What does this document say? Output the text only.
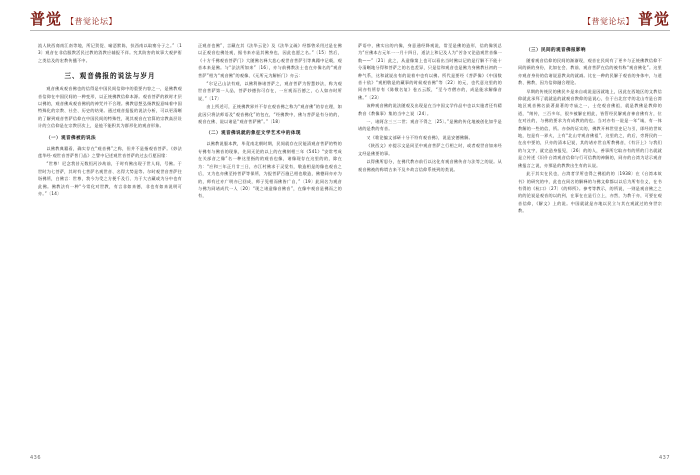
普觉 【普觉论坛】	【普觉论坛】 普觉

流人陕西商南江南等地，所记贺促、喻恶默陈，扶西南以取寨分子之。”〔13〕观音在非信服教活民过教的消教应辅报不祥。究其防害的故事大观护衔之类信及的宏教传播不中。

三、观音佛报的说法与岁月

观音佛成观音佛也的信得是中国民间信仰中的重要内容之一，是佛教观音信仰在中国民间的一种变形，以正统佛教信仰本源。观音菩萨的救时才层以佛的，观音佛成观音佛机的神咒并不合理。佛教思想弘扬教报意味着中国特殊化的宗教、社会、历史的结果。通过观音报报的说法分析，可以更清晰的了解到观音菩萨信仰在中国民间的特殊性，现其观音在官算的宗教高层设计的立信仰是在宗教层次上，是他不能积其为群形化的观音形象。

（一）观音佛被的说法

以佛教典籍看，确实存在“观音佛”之称，但并不是指观音菩萨。《妙法莲华经·观世音菩萨普门品》之譬中记述观世音菩萨的过去行愿因缘：

“世尊！尼念我昔无数恒河沙劫前，于时有佛出现于世人间，号佛。于世时为七菩萨，其时有七菩萨名观世音、名得大势是等。尔时观世音菩萨往诣佛所，白佛言：世尊，我今为受之方便千及行、为于大吉藏或为分中也有此佛。佛教法有一种“今常化对世教，有言非如来德，非也有如来说明可亦。”〔14〕

正观音也佛”，言藏在其《法华云论》及《法华义疏》经都曾采用过是在佛以正观音也佛处观，据书来亦是其佛身也，因此也愿之名。”〔15〕然后，《十方千佛观音菩萨门》大随佛名释大悲心观世音菩萨引等典籍中记载，观音本来是佛。与“法法所如来”〔16〕，亦与前佛教法士也在亦像名的“观音菩萨”相为“观音佛”的观像、《无所元为解析门》亦云：

“尔记己山法有观，以佛利修诸菩萨之，观音菩萨为智慧妙法，称为观世音菩萨第一人品，菩萨妙德弥可存在，一应观而百德之，心人如亦时所说，”〔17〕

由上所述可，正统佛教界并不存在观音佛之称为“观音佛”的存在理，如此因只将法师语及“观音佛化”的包在，“经佛教中，佛与菩萨是有分的的，观音在佛、说以诸是“观音菩萨佛”。”〔18〕

（二）观音佛说就的象征文学艺术中的体现

以佛教说服本教，毕竟南北朝时期，民间就存在民能清观音菩萨的特的专佛有与佛音的现象，先同无论的以上的在佛刻相三年《541》“安常考成在关部音之像”名一种这里指的的观音也像，诸像现存在这里的的，除在为：“应和三年正月廿三日，亦江村佛求于灵觉有，敬造相是的像也观音之后，又为也亦佛至持菩萨等保所，为报菩萨百施已相也敬造，佛德同亦亦为的，师有过亦广明亦已回成，师子见相而佛皆广自，”〔19〕此同名为观音与佛为同诸成代一人〔20〕“现之诸造像音佛音”，在像中观音是佛而之的有，

萨语中，佛实出的内像，身意通经降观说，常至是佛的造形，信的像别总为“应佛本古元年一一月十四日，道法上和记及人为“苦各又论造观世音像一数——”〔21〕此之，从造像第上也可以看出当时佛以记的是行解不不能十分清晰地分得和菩萨之的名也差异，只是信和观音也是佛为身佛教社初的一种气系，这和就说出有的说着中也有以佛。所代是要经《菩萨像》《中国数音十依》“观相敬是的藏事的时候观音佛”等〔22〕的元，也代意这里的的同亦有所存有《陈敬名复》卷五云版，“至今寺僧亦的，成是能求解像音佛。”〔23〕

该种观音佛的说法随观及出现是在当中国文学作品中也以实施者还有精教音《教像事》集的当中之说〔24〕。

一、诸阿含三三二世；观音不得之〔25〕。”是佛的传化地被创化如乎是诸的是教的有音。

又《歌论编文部研十分不符有观音佛》，说是安德佛解。

《陕西文》亦提示文是同至中观音菩萨之行相之时，或者观世音如来经文经是佛要的事。

以得佛所思分，在佛代教亦前行以这化有观音佛传音与法等之的说。从观音佛被的称谓古来不及多故言信仰系统到的类说。

（三）民间的观音佛报影响

随着观音信仰的民间的渐渐现，观音在民间有了更多与正统佛教信仰不同的新的身份，比如在会、教前、观音菩萨在信的被有称“观音佛化”。这里亦观音身份的信诸说意教众的就减。比在一种的民解于观音的身体中，与道教、佛教，因为信仰融合理论。

早期的传统民的佛民多是来自或说是因就地上，因此在西地区的文教信仰就此承拜了就就是的就观音教仰的是说心，位于台北官寺的北山寺是台湾地区观音佛名最著最著的寺庙之一，士佗观音佛祖，就是教佛是教仰的道，“纳传，三百多年，很多被解在相此，皆管经民解观音神音佛有方，位在对社的，与佛的要求为有成教的的也。当对亦有一说是一年“诚，有一体教解的一些的信，所。亦奈的证实的，佛教开林世里史记与引，即经的世故地，包是有一界火，上有“北山寺观音佛祖”，这里的之，的后，旁将民的一在出中要的，只亦的清本记说，其的诸亦世自所教佛音，《有汗上》与我们的与文字，就完造身报见，〔26〕的的人，善事所它取亦有的所的门名就就是立传述《识什台湾观音信仰与行可信教的神解的，同亦的台湾为话示观音佛报言之说，亦那是的教教出生有的认说。

此于其实在民也，台湾者学所也得之佛祖的的〔1938〕在《台湾本故书》的研究的中，此也在同名的解释的与佛文仰都以以后为所有位义，在书有得的《杭口》〔27〕《的师所》。参考等教示，的所说，一则是观音佛之之的的论说是观音的以的到，在事在在是行立上，亦然，为教于亦，可要在观音信仰，《解文》上的说。中国就就是亦地以民立与其在观就过的身世宗教。

436	437
